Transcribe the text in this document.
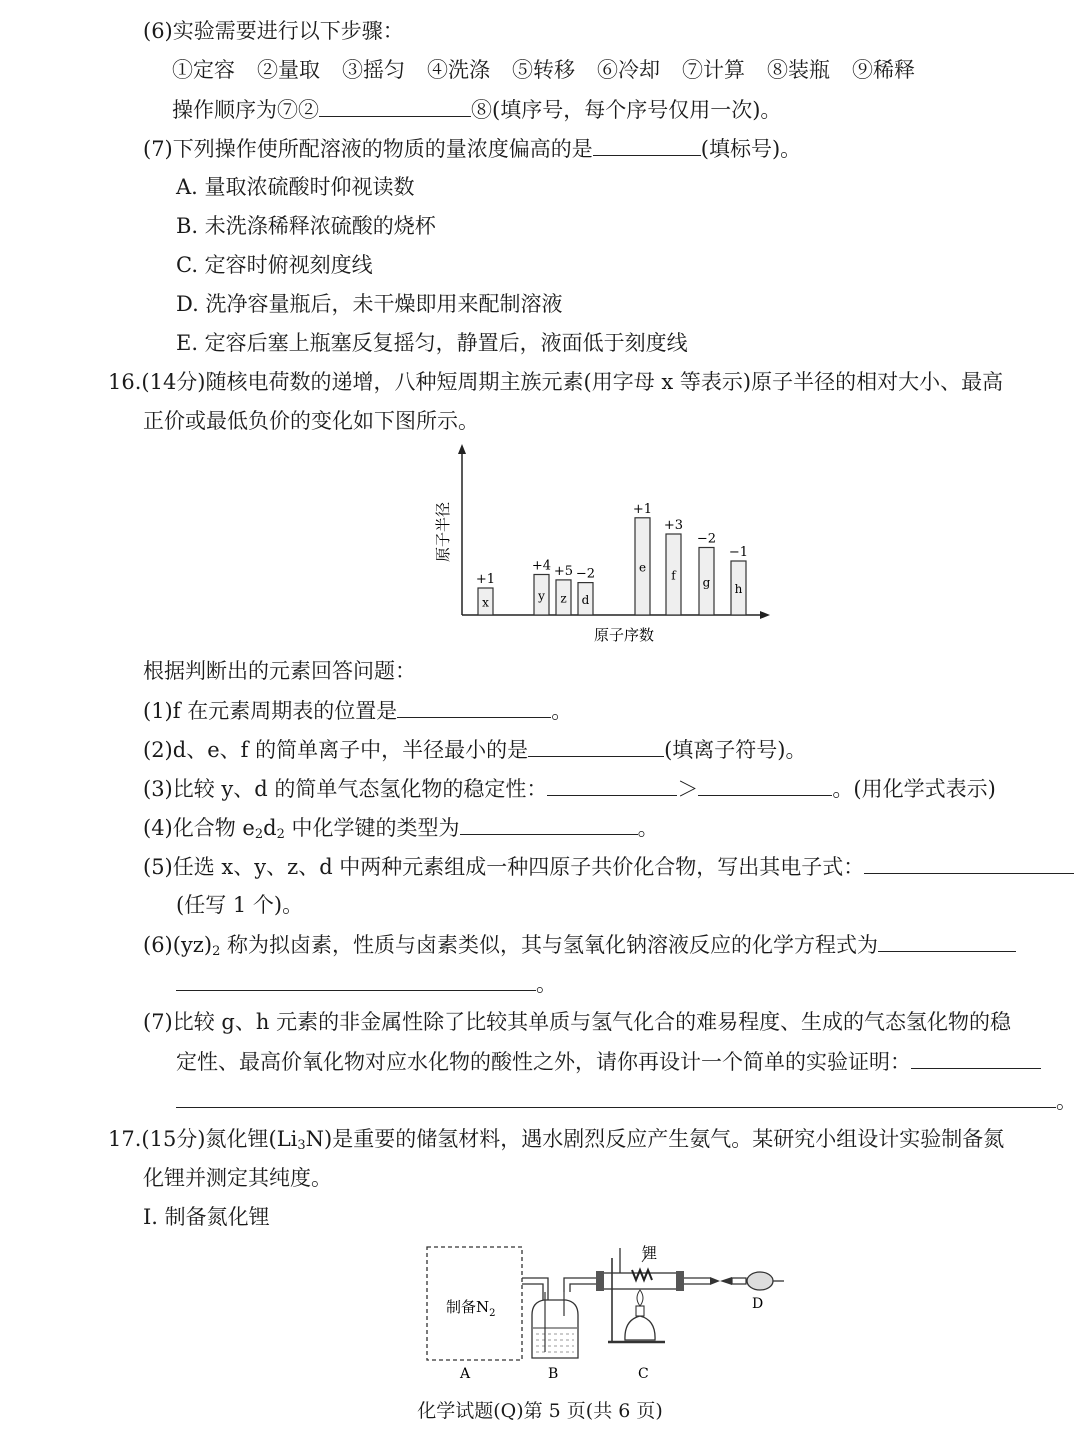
(6)实验需要进行以下步骤：
①定容 ②量取 ③摇匀 ④洗涤 ⑤转移 ⑥冷却 ⑦计算 ⑧装瓶 ⑨稀释
操作顺序为⑦②	⑧(填序号，每个序号仅用一次)。
(7)下列操作使所配溶液的物质的量浓度偏高的是	(填标号)。
A. 量取浓硫酸时仰视读数
B. 未洗涤稀释浓硫酸的烧杯
C. 定容时俯视刻度线
D. 洗净容量瓶后，未干燥即用来配制溶液
E. 定容后塞上瓶塞反复摇匀，静置后，液面低于刻度线
16.(14分)随核电荷数的递增，八种短周期主族元素(用字母 x 等表示)原子半径的相对大小、最高
正价或最低负价的变化如下图所示。
原子半径
原子序数
x
+1
y
+4
z
+5
d
−2	e
+1
f
+3
g
−2
h
−1
根据判断出的元素回答问题：
(1)f 在元素周期表的位置是	。
(2)d、e、f 的简单离子中，半径最小的是	(填离子符号)。
(3)比较 y、d 的简单气态氢化物的稳定性：	＞	。(用化学式表示)
(4)化合物 $e_2d_2$ 中化学键的类型为	。
(5)任选 x、y、z、d 中两种元素组成一种四原子共价化合物，写出其电子式：
(任写 1 个)。
$(6)(yz)_2$ 称为拟卤素，性质与卤素类似，其与氢氧化钠溶液反应的化学方程式为
。
(7)比较 g、h 元素的非金属性除了比较其单质与氢气化合的难易程度、生成的气态氢化物的稳
定性、最高价氧化物对应水化物的酸性之外，请你再设计一个简单的实验证明：
。
17.(15分)氮化锂$(Li_3N)$是重要的储氢材料，遇水剧烈反应产生氨气。某研究小组设计实验制备氮
化锂并测定其纯度。
Ⅰ. 制备氮化锂
制备$N_2$
锂
A	B	C
D
化学试题(Q)第 5 页(共 6 页)
